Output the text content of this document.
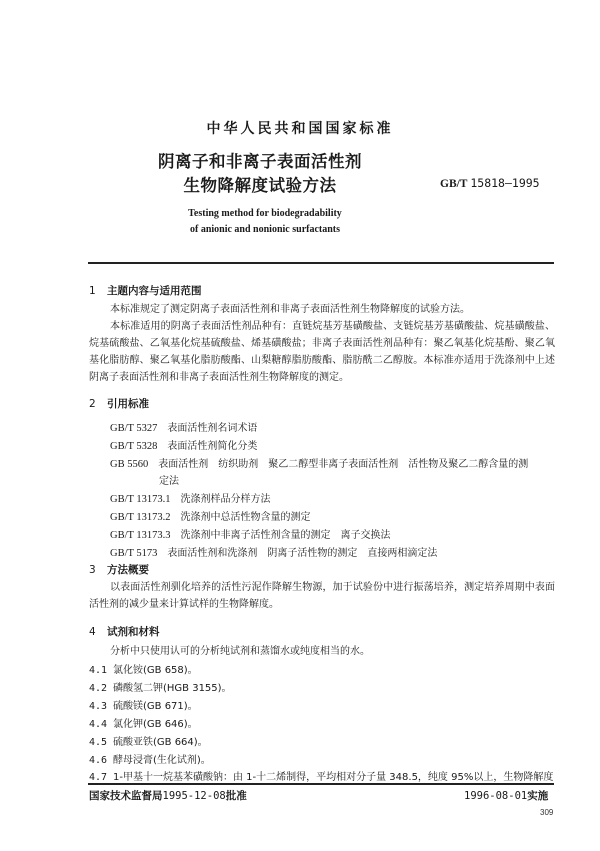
中华人民共和国国家标准
阴离子和非离子表面活性剂
生物降解度试验方法	GB/T 15818—1995
Testing method for biodegradability
of anionic and nonionic surfactants
1 主题内容与适用范围
本标准规定了测定阴离子表面活性剂和非离子表面活性剂生物降解度的试验方法。
本标准适用的阴离子表面活性剂品种有：直链烷基芳基磺酸盐、支链烷基芳基磺酸盐、烷基磺酸盐、烷基硫酸盐、乙氧基化烷基硫酸盐、烯基磺酸盐；非离子表面活性剂品种有：聚乙氧基化烷基酚、聚乙氧基化脂肪醇、聚乙氧基化脂肪酸酯、山梨糖醇脂肪酸酯、脂肪酰二乙醇胺。本标准亦适用于洗涤剂中上述阴离子表面活性剂和非离子表面活性剂生物降解度的测定。
2 引用标准
GB/T 5327 表面活性剂名词术语
GB/T 5328 表面活性剂简化分类
GB 5560 表面活性剂　纺织助剂　聚乙二醇型非离子表面活性剂　活性物及聚乙二醇含量的测
定法
GB/T 13173.1 洗涤剂样品分样方法
GB/T 13173.2 洗涤剂中总活性物含量的测定
GB/T 13173.3 洗涤剂中非离子活性剂含量的测定　离子交换法
GB/T 5173 表面活性剂和洗涤剂　阴离子活性物的测定　直接两相滴定法
3 方法概要
以表面活性剂驯化培养的活性污泥作降解生物源，加于试验份中进行振荡培养，测定培养周期中表面活性剂的减少量来计算试样的生物降解度。
4 试剂和材料
分析中只使用认可的分析纯试剂和蒸馏水或纯度相当的水。
4.1 氯化铵(GB 658)。
4.2 磷酸氢二钾(HGB 3155)。
4.3 硫酸镁(GB 671)。
4.4 氯化钾(GB 646)。
4.5 硫酸亚铁(GB 664)。
4.6 酵母浸膏(生化试剂)。
4.7 1-甲基十一烷基苯磺酸钠：由 1-十二烯制得，平均相对分子量 348.5，纯度 95%以上，生物降解度
国家技术监督局1995-12-08批准	1996-08-01实施
309
